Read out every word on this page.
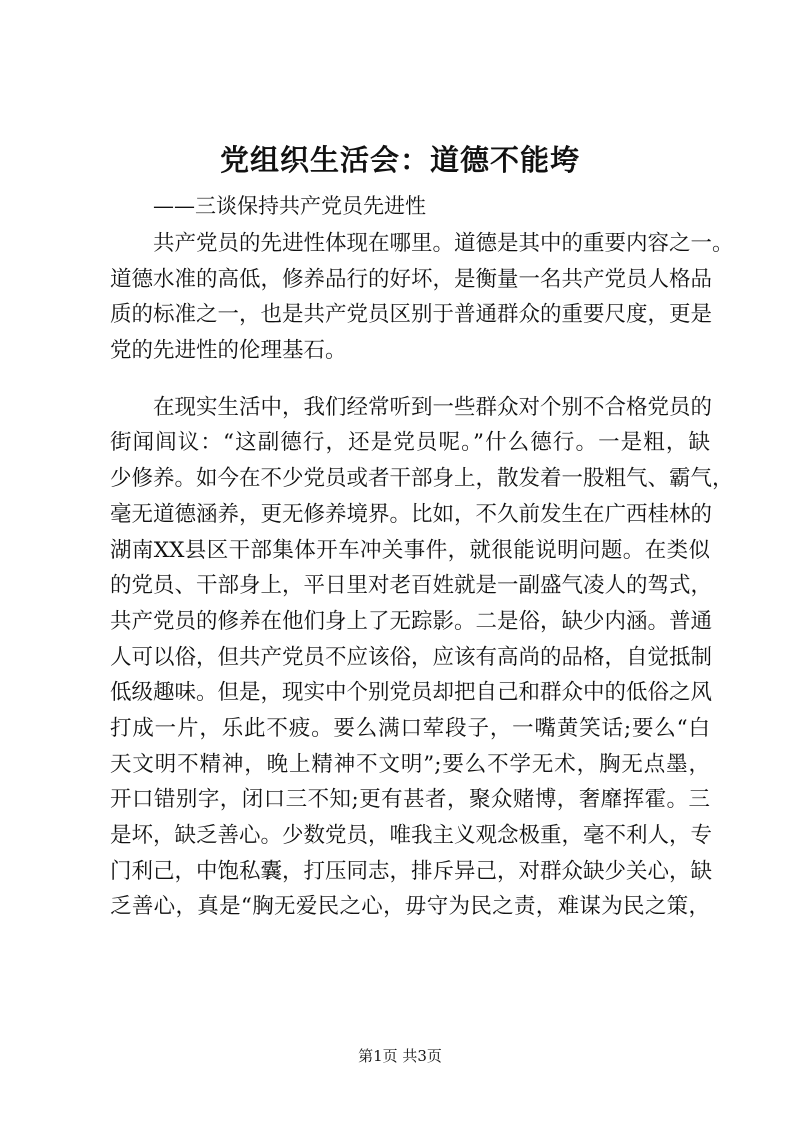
党组织生活会：道德不能垮
——三谈保持共产党员先进性
共产党员的先进性体现在哪里。道德是其中的重要内容之一。
道德水准的高低，修养品行的好坏，是衡量一名共产党员人格品
质的标准之一，也是共产党员区别于普通群众的重要尺度，更是
党的先进性的伦理基石。
在现实生活中，我们经常听到一些群众对个别不合格党员的
街闻闾议：“这副德行，还是党员呢。”什么德行。一是粗，缺
少修养。如今在不少党员或者干部身上，散发着一股粗气、霸气，
毫无道德涵养，更无修养境界。比如，不久前发生在广西桂林的
湖南XX县区干部集体开车冲关事件，就很能说明问题。在类似
的党员、干部身上，平日里对老百姓就是一副盛气凌人的驾式，
共产党员的修养在他们身上了无踪影。二是俗，缺少内涵。普通
人可以俗，但共产党员不应该俗，应该有高尚的品格，自觉抵制
低级趣味。但是，现实中个别党员却把自己和群众中的低俗之风
打成一片，乐此不疲。要么满口荤段子，一嘴黄笑话;要么“白
天文明不精神，晚上精神不文明”;要么不学无术，胸无点墨，
开口错别字，闭口三不知;更有甚者，聚众赌博，奢靡挥霍。三
是坏，缺乏善心。少数党员，唯我主义观念极重，毫不利人，专
门利己，中饱私囊，打压同志，排斥异己，对群众缺少关心，缺
乏善心，真是“胸无爱民之心，毋守为民之责，难谋为民之策，
第1页 共3页
